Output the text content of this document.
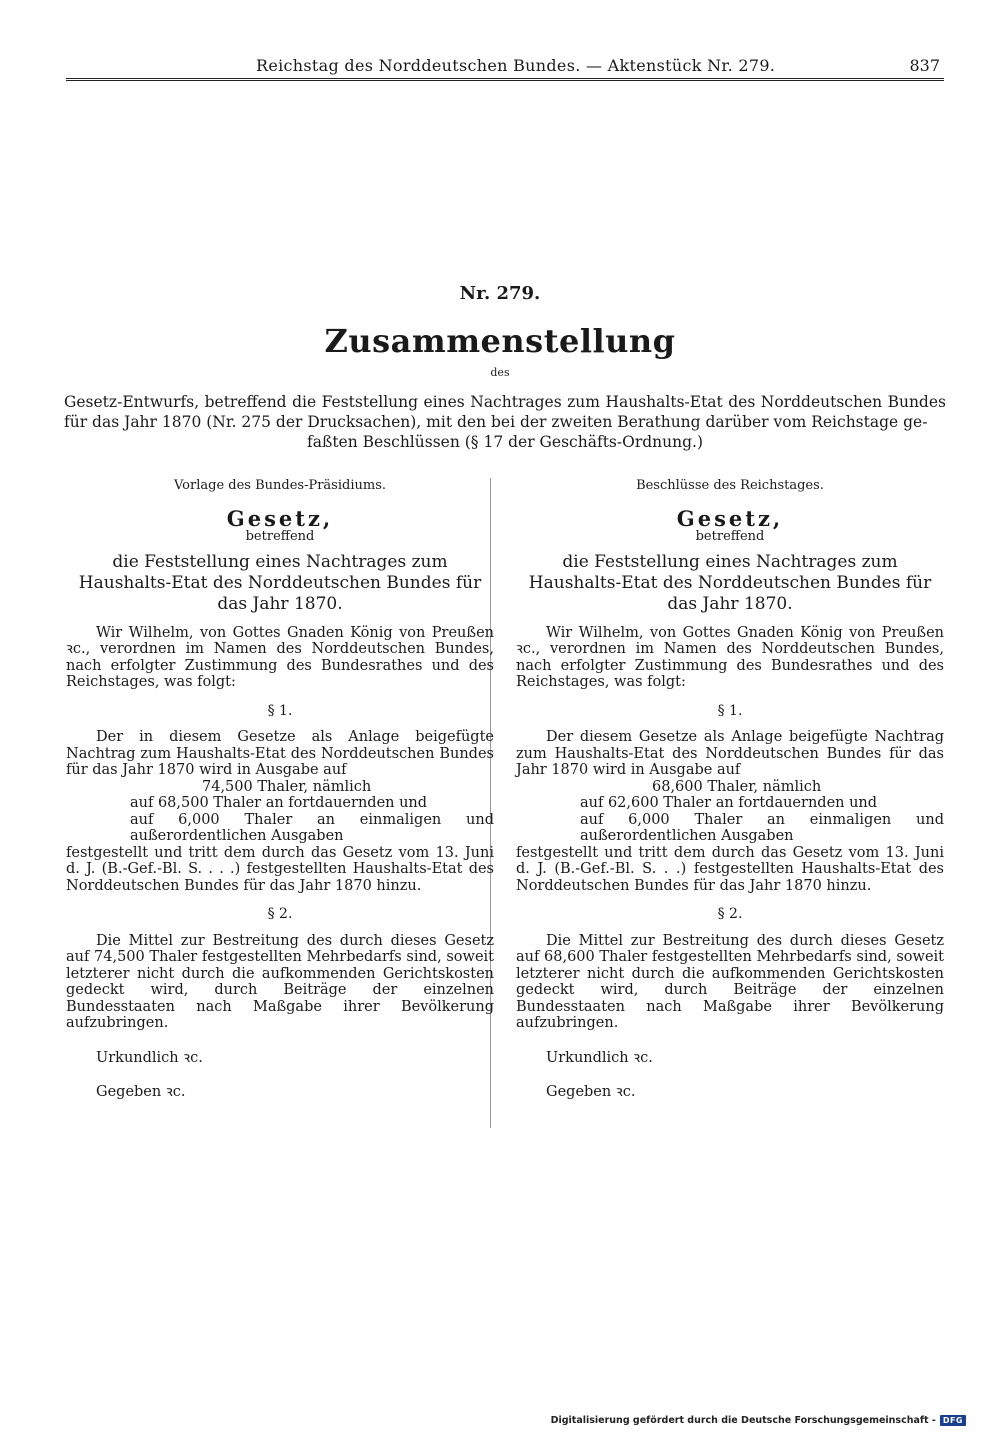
Reichstag des Norddeutschen Bundes. — Aktenstück Nr. 279.	837
Nr. 279.
Zusammenstellung
des
Gesetz-Entwurfs, betreffend die Feststellung eines Nachtrages zum Haushalts-Etat des Norddeutschen Bundes für das Jahr 1870 (Nr. 275 der Drucksachen), mit den bei der zweiten Berathung darüber vom Reichstage ge-
faßten Beschlüssen (§ 17 der Geschäfts-Ordnung.)
Vorlage des Bundes-Präsidiums.
Gesetz,
betreffend
die Feststellung eines Nachtrages zum Haushalts-Etat des Norddeutschen Bundes für das Jahr 1870.

Wir Wilhelm, von Gottes Gnaden König von Preußen ꝛc., verordnen im Namen des Norddeutschen Bundes, nach erfolgter Zustimmung des Bundesrathes und des Reichstages, was folgt:

§ 1.

Der in diesem Gesetze als Anlage beigefügte Nachtrag zum Haushalts-Etat des Norddeutschen Bundes für das Jahr 1870 wird in Ausgabe auf

74,500 Thaler, nämlich

auf 68,500 Thaler an fortdauernden und

auf 6,000 Thaler an einmaligen und außerordentlichen Ausgaben

festgestellt und tritt dem durch das Gesetz vom 13. Juni d. J. (B.-Gef.-Bl. S. . . .) festgestellten Haushalts-Etat des Norddeutschen Bundes für das Jahr 1870 hinzu.

§ 2.

Die Mittel zur Bestreitung des durch dieses Gesetz auf 74,500 Thaler festgestellten Mehrbedarfs sind, soweit letzterer nicht durch die aufkommenden Gerichtskosten gedeckt wird, durch Beiträge der einzelnen Bundesstaaten nach Maßgabe ihrer Bevölkerung aufzubringen.

Urkundlich ꝛc.

Gegeben ꝛc.

Beschlüsse des Reichstages.
Gesetz,
betreffend
die Feststellung eines Nachtrages zum Haushalts-Etat des Norddeutschen Bundes für das Jahr 1870.

Wir Wilhelm, von Gottes Gnaden König von Preußen ꝛc., verordnen im Namen des Norddeutschen Bundes, nach erfolgter Zustimmung des Bundesrathes und des Reichstages, was folgt:

§ 1.

Der diesem Gesetze als Anlage beigefügte Nachtrag zum Haushalts-Etat des Norddeutschen Bundes für das Jahr 1870 wird in Ausgabe auf

68,600 Thaler, nämlich

auf 62,600 Thaler an fortdauernden und

auf 6,000 Thaler an einmaligen und außerordentlichen Ausgaben

festgestellt und tritt dem durch das Gesetz vom 13. Juni d. J. (B.-Gef.-Bl. S. . .) festgestellten Haushalts-Etat des Norddeutschen Bundes für das Jahr 1870 hinzu.

§ 2.

Die Mittel zur Bestreitung des durch dieses Gesetz auf 68,600 Thaler festgestellten Mehrbedarfs sind, soweit letzterer nicht durch die aufkommenden Gerichtskosten gedeckt wird, durch Beiträge der einzelnen Bundesstaaten nach Maßgabe ihrer Bevölkerung aufzubringen.

Urkundlich ꝛc.

Gegeben ꝛc.

Digitalisierung gefördert durch die Deutsche Forschungsgemeinschaft - DFG
